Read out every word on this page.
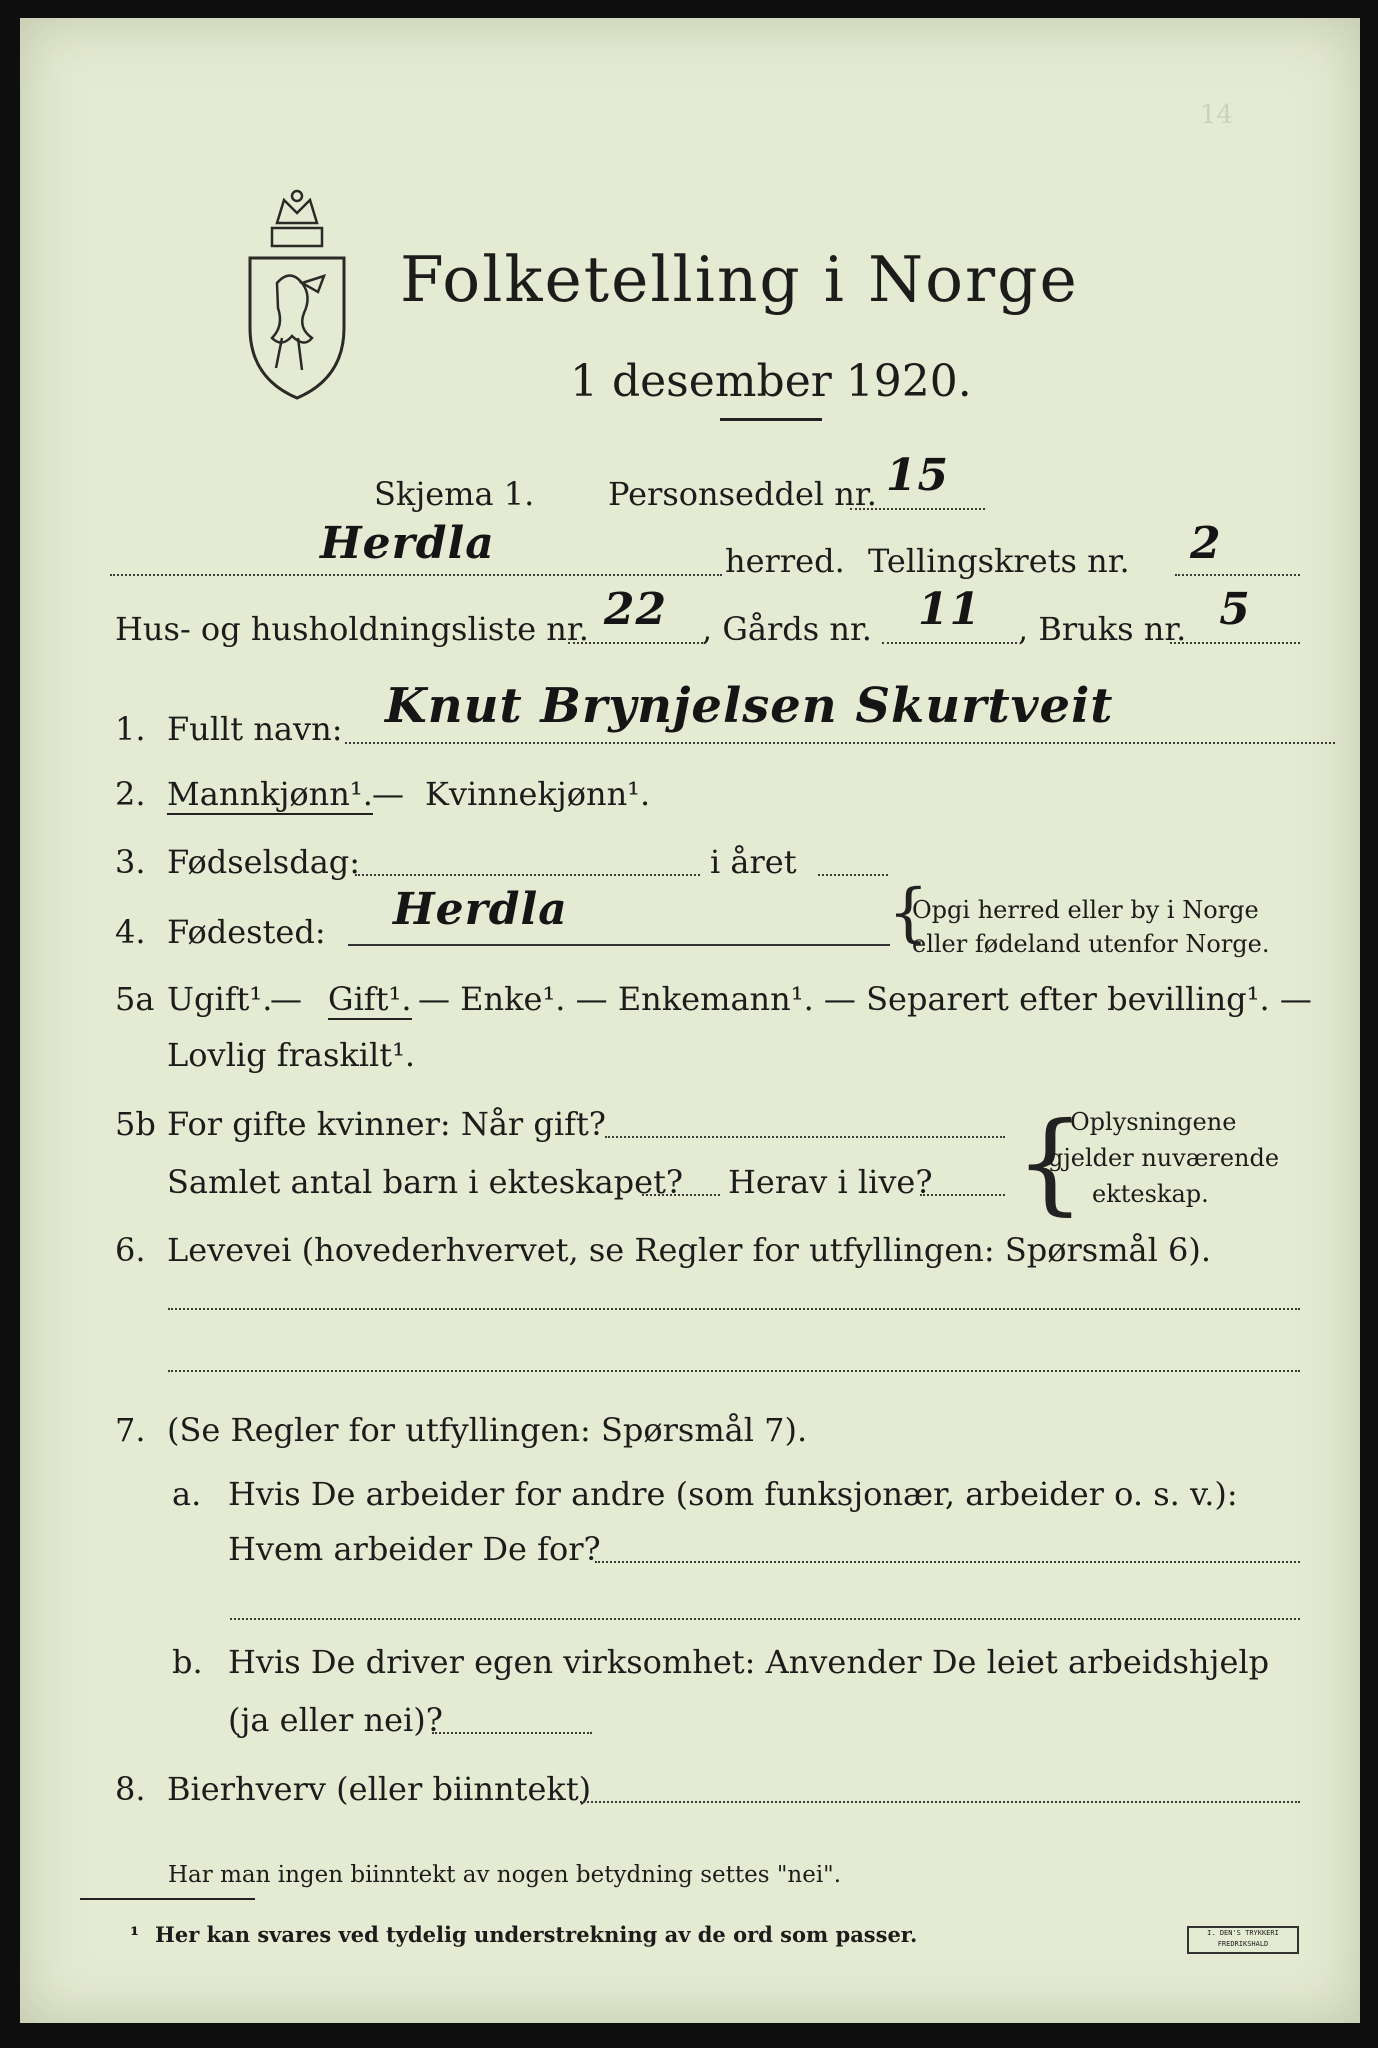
14
Folketelling i Norge
1 desember 1920.
Skjema 1. Personseddel nr. 15
Herdla	herred. Tellingskrets nr.	2
Hus- og husholdningsliste nr. 22	, Gårds nr.	11	, Bruks nr. 5
1. Fullt navn: Knut Brynjelsen Skurtveit
2. Mannkjønn¹. — Kvinnekjønn¹.
3. Fødselsdag:	i året
4. Fødested:	Herdla	{
Opgi herred eller by i Norge
eller fødeland utenfor Norge.
5a Ugift¹.
— Gift¹. — Enke¹. — Enkemann¹. — Separert efter bevilling¹. —
Lovlig fraskilt¹.
5b For gifte kvinner: Når gift?
Samlet antal barn i ekteskapet? Herav i live? {
Oplysningene
gjelder nuværende
ekteskap.
6. Levevei (hovederhvervet, se Regler for utfyllingen: Spørsmål 6).
7. (Se Regler for utfyllingen: Spørsmål 7).
a. Hvis De arbeider for andre (som funksjonær, arbeider o. s. v.):
Hvem arbeider De for?
b. Hvis De driver egen virksomhet: Anvender De leiet arbeidshjelp
(ja eller nei)?
8. Bierhverv (eller biinntekt)
Har man ingen biinntekt av nogen betydning settes "nei".
¹ Her kan svares ved tydelig understrekning av de ord som passer.	I. DEN'S TRYKKERI
FREDRIKSHALD
